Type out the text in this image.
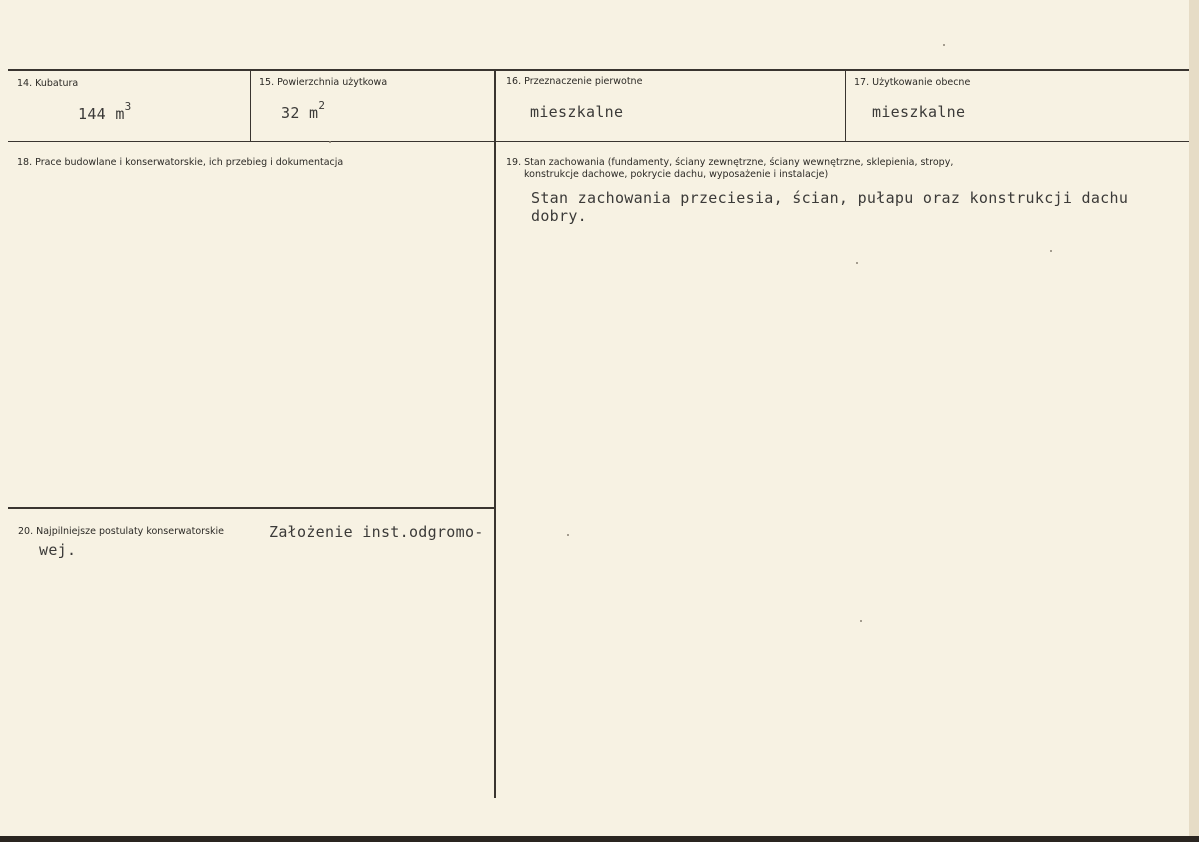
14. Kubatura
144 $m^3$
15. Powierzchnia użytkowa
32 $m^2$
16. Przeznaczenie pierwotne
mieszkalne
17. Użytkowanie obecne
mieszkalne
18. Prace budowlane i konserwatorskie, ich przebieg i dokumentacja	19. Stan zachowania (fundamenty, ściany zewnętrzne, ściany wewnętrzne, sklepienia, stropy,
konstrukcje dachowe, pokrycie dachu, wyposażenie i instalacje)
Stan zachowania przeciesia, ścian, pułapu oraz konstrukcji dachu
dobry.
20. Najpilniejsze postulaty konserwatorskie	Założenie inst.odgromo-
wej.
